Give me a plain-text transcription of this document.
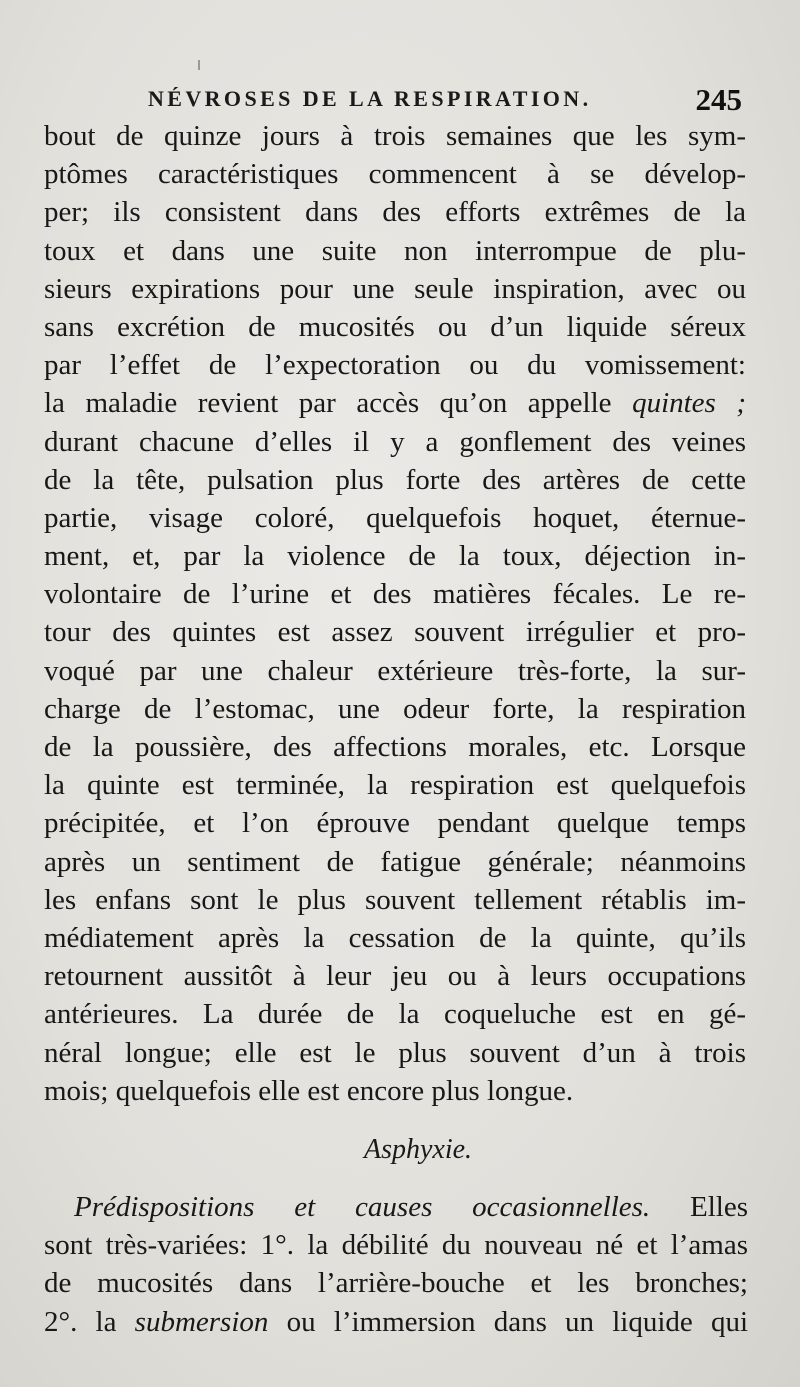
NÉVROSES DE LA RESPIRATION.	245
bout de quinze jours à trois semaines que les sym-
ptômes caractéristiques commencent à se dévelop-
per; ils consistent dans des efforts extrêmes de la
toux et dans une suite non interrompue de plu-
sieurs expirations pour une seule inspiration, avec ou
sans excrétion de mucosités ou d’un liquide séreux
par l’effet de l’expectoration ou du vomissement:
la maladie revient par accès qu’on appelle quintes ;
durant chacune d’elles il y a gonflement des veines
de la tête, pulsation plus forte des artères de cette
partie, visage coloré, quelquefois hoquet, éternue-
ment, et, par la violence de la toux, déjection in-
volontaire de l’urine et des matières fécales. Le re-
tour des quintes est assez souvent irrégulier et pro-
voqué par une chaleur extérieure très-forte, la sur-
charge de l’estomac, une odeur forte, la respiration
de la poussière, des affections morales, etc. Lorsque
la quinte est terminée, la respiration est quelquefois
précipitée, et l’on éprouve pendant quelque temps
après un sentiment de fatigue générale; néanmoins
les enfans sont le plus souvent tellement rétablis im-
médiatement après la cessation de la quinte, qu’ils
retournent aussitôt à leur jeu ou à leurs occupations
antérieures. La durée de la coqueluche est en gé-
néral longue; elle est le plus souvent d’un à trois
mois; quelquefois elle est encore plus longue.
Asphyxie.
Prédispositions et causes occasionnelles. Elles
sont très-variées: 1°. la débilité du nouveau né et l’amas
de mucosités dans l’arrière-bouche et les bronches;
2°. la submersion ou l’immersion dans un liquide qui
